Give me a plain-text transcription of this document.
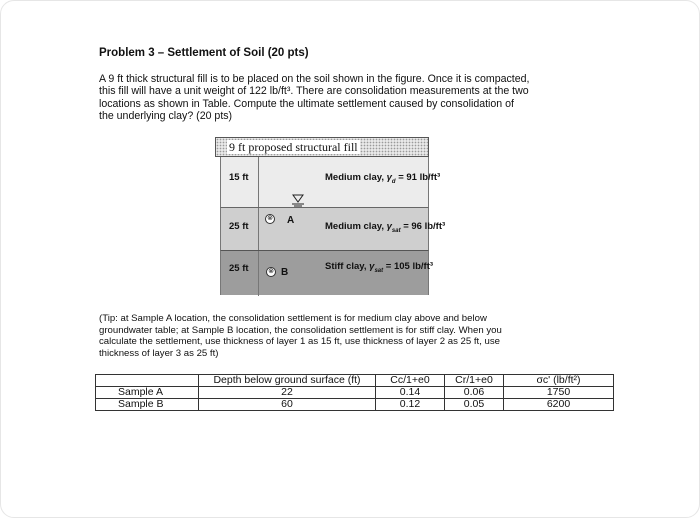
Problem 3 – Settlement of Soil (20 pts)
A 9 ft thick structural fill is to be placed on the soil shown in the figure. Once it is compacted,
this fill will have a unit weight of 122 lb/ft³. There are consolidation measurements at the two
locations as shown in Table. Compute the ultimate settlement caused by consolidation of
the underlying clay? (20 pts)
9 ft proposed structural fill
15 ft	Medium clay, $\gamma_d = 91$ lb/ft³
25 ft
⊗ A
Medium clay, $\gamma_{sat} = 96$ lb/ft³
25 ft	⊗ B
Stiff clay, $\gamma_{sat} = 105$ lb/ft³
(Tip: at Sample A location, the consolidation settlement is for medium clay above and below
groundwater table; at Sample B location, the consolidation settlement is for stiff clay. When you
calculate the settlement, use thickness of layer 1 as 15 ft, use thickness of layer 2 as 25 ft, use
thickness of layer 3 as 25 ft)
	Depth below ground surface (ft)	Cc/1+e0	Cr/1+e0	σc' (lb/ft²)
Sample A	22	0.14	0.06	1750
Sample B	60	0.12	0.05	6200
